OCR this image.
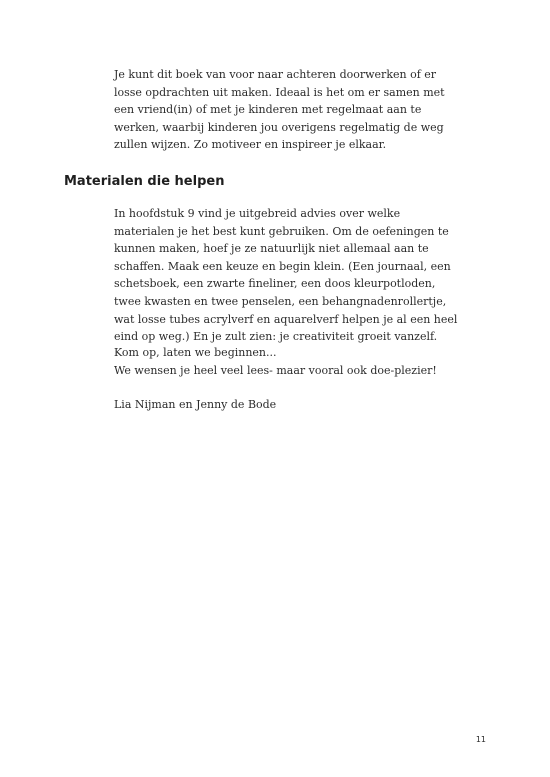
Je kunt dit boek van voor naar achteren doorwerken of er
losse opdrachten uit maken. Ideaal is het om er samen met
een vriend(in) of met je kinderen met regelmaat aan te
werken, waarbij kinderen jou overigens regelmatig de weg
zullen wijzen. Zo motiveer en inspireer je elkaar.

Materialen die helpen

In hoofdstuk 9 vind je uitgebreid advies over welke
materialen je het best kunt gebruiken. Om de oefeningen te
kunnen maken, hoef je ze natuurlijk niet allemaal aan te
schaffen. Maak een keuze en begin klein. (Een journaal, een
schetsboek, een zwarte fineliner, een doos kleurpotloden,
twee kwasten en twee penselen, een behangnadenrollertje,
wat losse tubes acrylverf en aquarelverf helpen je al een heel
eind op weg.) En je zult zien: je creativiteit groeit vanzelf.

Kom op, laten we beginnen...
We wensen je heel veel lees- maar vooral ook doe-plezier!

Lia Nijman en Jenny de Bode

11
